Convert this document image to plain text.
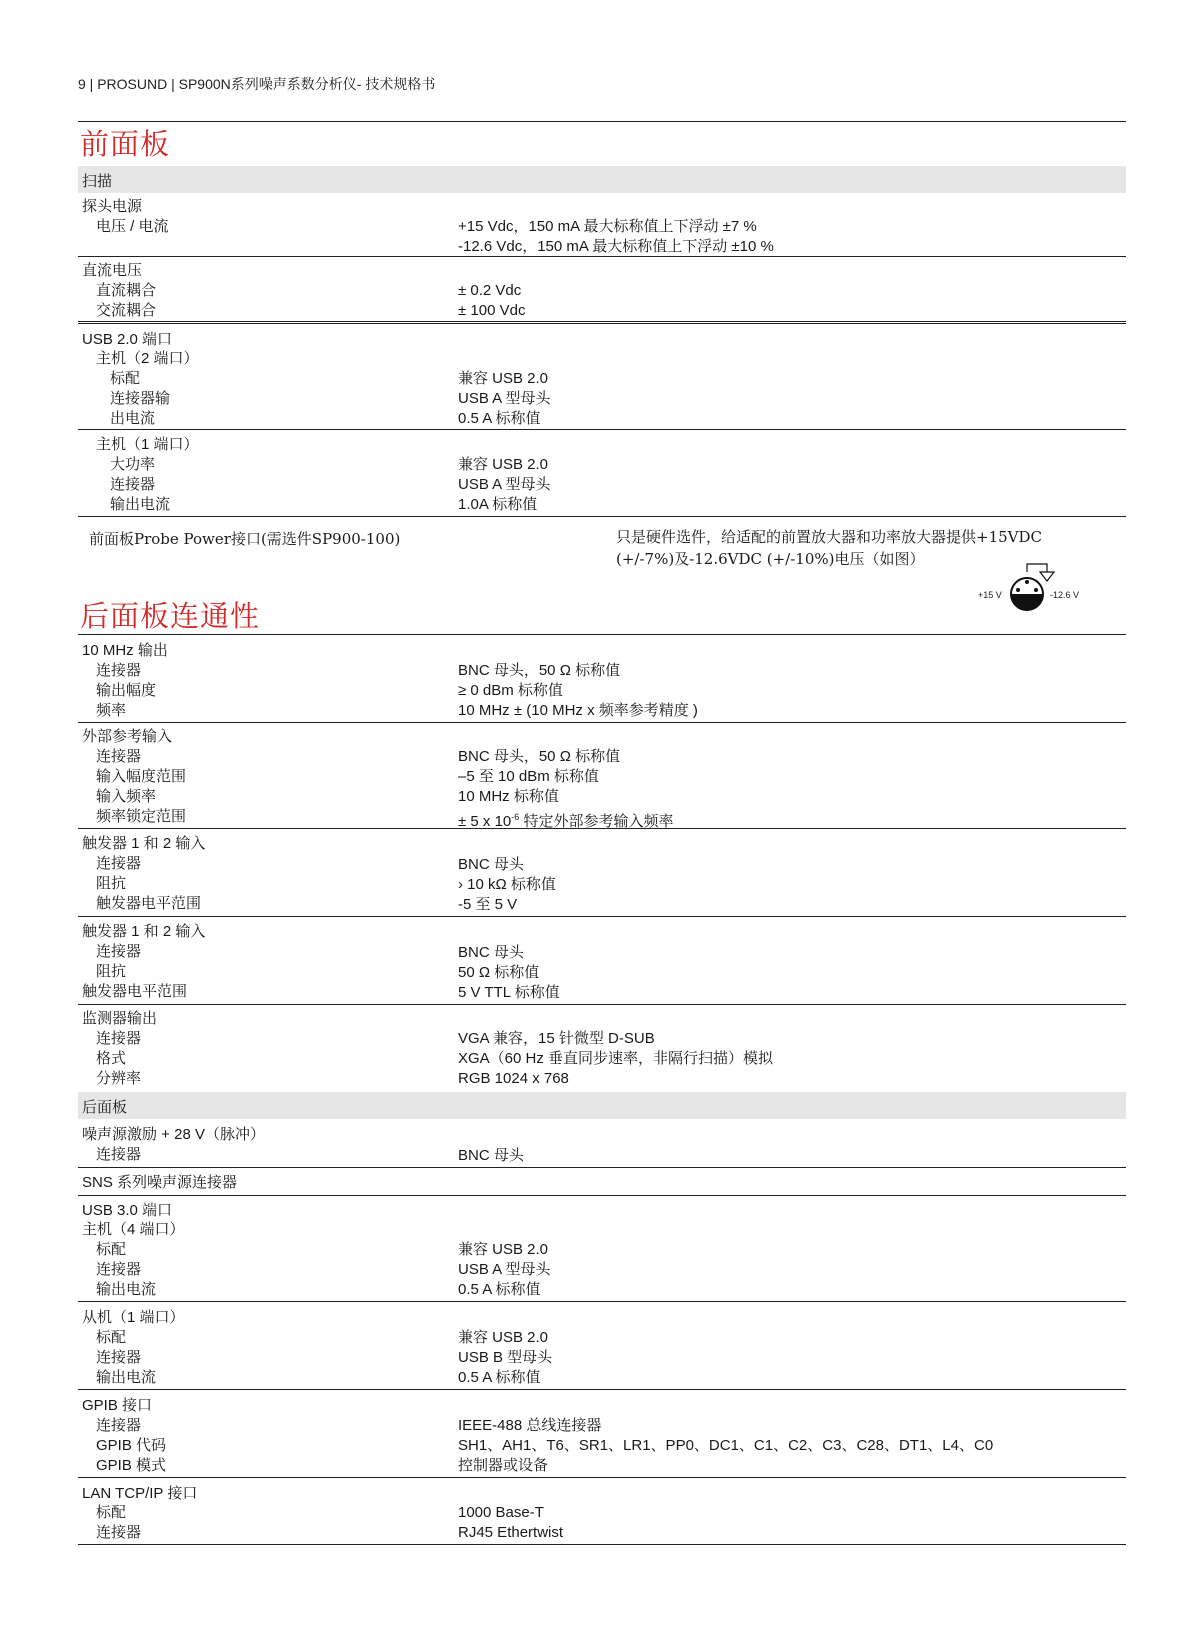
9 | PROSUND | SP900N系列噪声系数分析仪- 技术规格书
前面板
扫描
探头电源
电压 / 电流	+15 Vdc，150 mA 最大标称值上下浮动 ±7 %
-12.6 Vdc，150 mA 最大标称值上下浮动 ±10 %
直流电压
直流耦合	± 0.2 Vdc
交流耦合	± 100 Vdc
USB 2.0 端口
主机（2 端口）
标配	兼容 USB 2.0
连接器输	USB A 型母头
出电流	0.5 A 标称值
主机（1 端口）
大功率	兼容 USB 2.0
连接器	USB A 型母头
输出电流	1.0A 标称值
前面板Probe Power接口(需选件SP900-100)	只是硬件选件，给适配的前置放大器和功率放大器提供+15VDC
(+/-7%)及-12.6VDC (+/-10%)电压（如图）
+15 V	-12.6 V
后面板连通性
10 MHz 输出
连接器	BNC 母头，50 Ω 标称值
输出幅度	≥ 0 dBm 标称值
频率	10 MHz ± (10 MHz x 频率参考精度 )
外部参考输入
连接器	BNC 母头，50 Ω 标称值
输入幅度范围	–5 至 10 dBm 标称值
输入频率	10 MHz 标称值
频率锁定范围	± 5 x $10^{-6}$ 特定外部参考输入频率
触发器 1 和 2 输入
连接器	BNC 母头
阻抗	› 10 kΩ 标称值
触发器电平范围	-5 至 5 V
触发器 1 和 2 输入
连接器	BNC 母头
阻抗	50 Ω 标称值
触发器电平范围	5 V TTL 标称值
监测器输出
连接器	VGA 兼容，15 针微型 D-SUB
格式	XGA（60 Hz 垂直同步速率，非隔行扫描）模拟
分辨率	RGB 1024 x 768
后面板
噪声源激励 + 28 V（脉冲）
连接器	BNC 母头
SNS 系列噪声源连接器
USB 3.0 端口
主机（4 端口）
标配	兼容 USB 2.0
连接器	USB A 型母头
输出电流	0.5 A 标称值
从机（1 端口）
标配	兼容 USB 2.0
连接器	USB B 型母头
输出电流	0.5 A 标称值
GPIB 接口
连接器	IEEE-488 总线连接器
GPIB 代码	SH1、AH1、T6、SR1、LR1、PP0、DC1、C1、C2、C3、C28、DT1、L4、C0
GPIB 模式	控制器或设备
LAN TCP/IP 接口
标配	1000 Base-T
连接器	RJ45 Ethertwist
